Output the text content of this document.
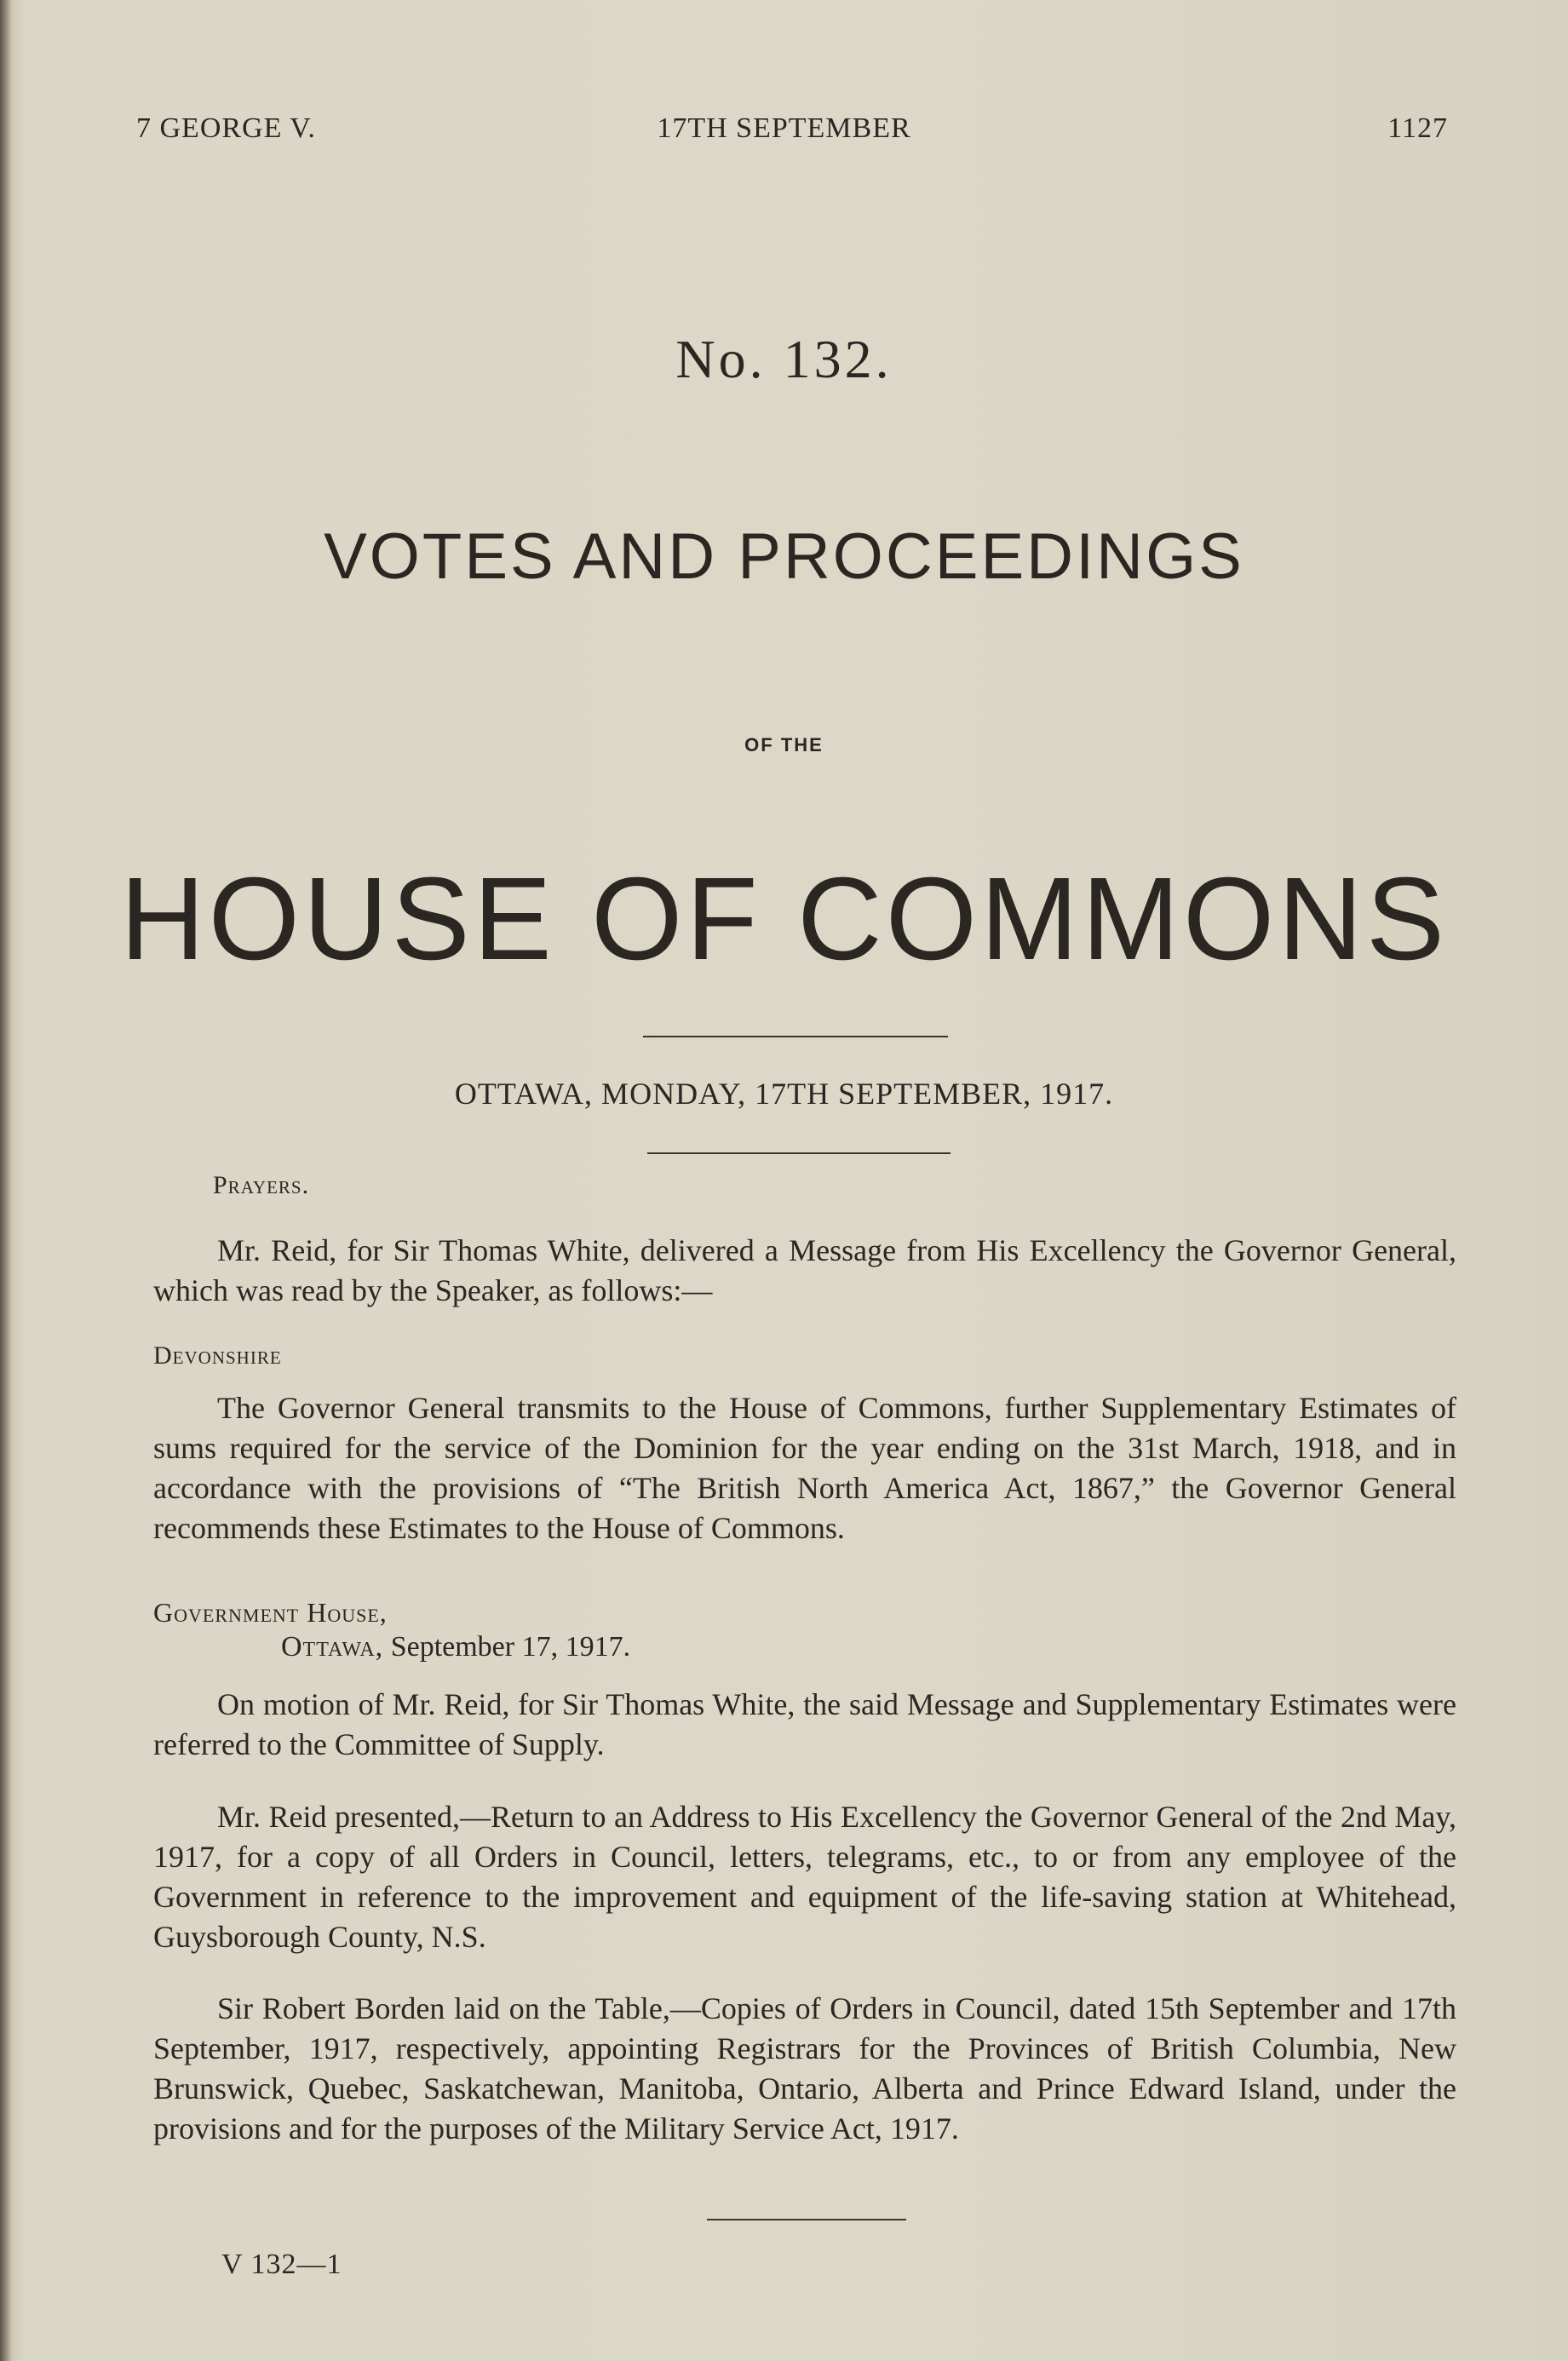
7 GEORGE V.	17TH SEPTEMBER	1127
No. 132.
VOTES AND PROCEEDINGS
OF THE
HOUSE OF COMMONS
OTTAWA, MONDAY, 17TH SEPTEMBER, 1917.
Prayers.
Mr. Reid, for Sir Thomas White, delivered a Message from His Excellency the Governor General, which was read by the Speaker, as follows:—
Devonshire
The Governor General transmits to the House of Commons, further Supplementary Estimates of sums required for the service of the Dominion for the year ending on the 31st March, 1918, and in accordance with the provisions of “The British North America Act, 1867,” the Governor General recommends these Estimates to the House of Commons.
Government House,
Ottawa, September 17, 1917.
On motion of Mr. Reid, for Sir Thomas White, the said Message and Supplementary Estimates were referred to the Committee of Supply.
Mr. Reid presented,—Return to an Address to His Excellency the Governor General of the 2nd May, 1917, for a copy of all Orders in Council, letters, telegrams, etc., to or from any employee of the Government in reference to the improvement and equipment of the life-saving station at Whitehead, Guysborough County, N.S.
Sir Robert Borden laid on the Table,—Copies of Orders in Council, dated 15th September and 17th September, 1917, respectively, appointing Registrars for the Provinces of British Columbia, New Brunswick, Quebec, Saskatchewan, Manitoba, Ontario, Alberta and Prince Edward Island, under the provisions and for the purposes of the Military Service Act, 1917.
V 132—1
